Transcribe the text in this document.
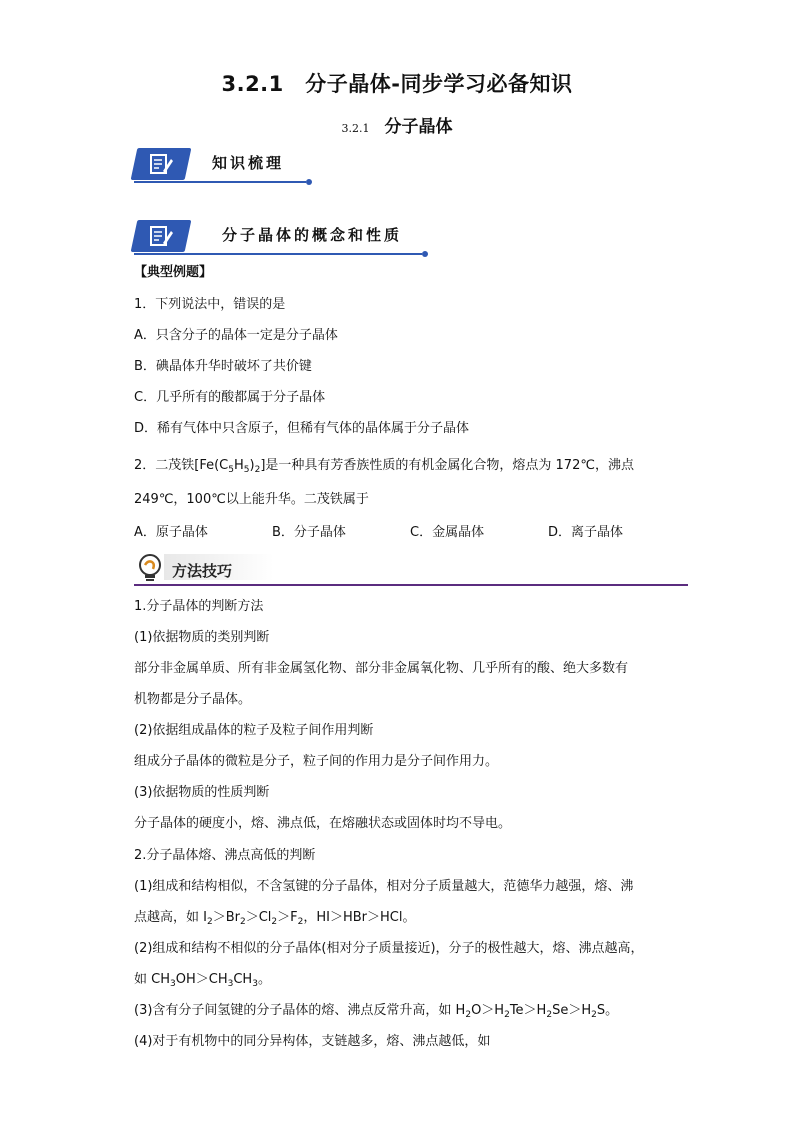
3.2.1　分子晶体-同步学习必备知识
3.2.1 分子晶体
知识梳理
分子晶体的概念和性质
【典型例题】
1．下列说法中，错误的是
A．只含分子的晶体一定是分子晶体
B．碘晶体升华时破坏了共价键
C．几乎所有的酸都属于分子晶体
D．稀有气体中只含原子，但稀有气体的晶体属于分子晶体
2．二茂铁$[Fe(C_5H_5)_2]$是一种具有芳香族性质的有机金属化合物，熔点为 172℃，沸点
249℃，100℃以上能升华。二茂铁属于
A．原子晶体	B．分子晶体	C．金属晶体	D．离子晶体
方法技巧
1.分子晶体的判断方法
(1)依据物质的类别判断
部分非金属单质、所有非金属氢化物、部分非金属氧化物、几乎所有的酸、绝大多数有
机物都是分子晶体。
(2)依据组成晶体的粒子及粒子间作用判断
组成分子晶体的微粒是分子，粒子间的作用力是分子间作用力。
(3)依据物质的性质判断
分子晶体的硬度小，熔、沸点低，在熔融状态或固体时均不导电。
2.分子晶体熔、沸点高低的判断
(1)组成和结构相似，不含氢键的分子晶体，相对分子质量越大，范德华力越强，熔、沸
点越高，如 $I_2>Br_2>Cl_2>F_2$，HI＞HBr＞HCl。
(2)组成和结构不相似的分子晶体(相对分子质量接近)，分子的极性越大，熔、沸点越高，
如 $CH_3OH>CH_3CH_3$。
(3)含有分子间氢键的分子晶体的熔、沸点反常升高，如 $H_2O>H_2Te>H_2Se>H_2S$。
(4)对于有机物中的同分异构体，支链越多，熔、沸点越低，如
